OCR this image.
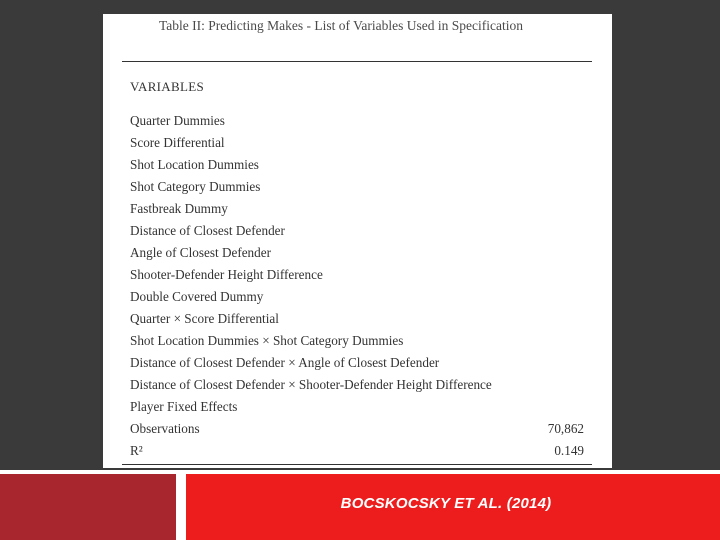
Table II: Predicting Makes - List of Variables Used in Specification
VARIABLES
Quarter Dummies
Score Differential
Shot Location Dummies
Shot Category Dummies
Fastbreak Dummy
Distance of Closest Defender
Angle of Closest Defender
Shooter-Defender Height Difference
Double Covered Dummy
Quarter × Score Differential
Shot Location Dummies × Shot Category Dummies
Distance of Closest Defender × Angle of Closest Defender
Distance of Closest Defender × Shooter-Defender Height Difference
Player Fixed Effects
Observations	70,862
R²	0.149
BOCSKOCSKY ET AL. (2014)
